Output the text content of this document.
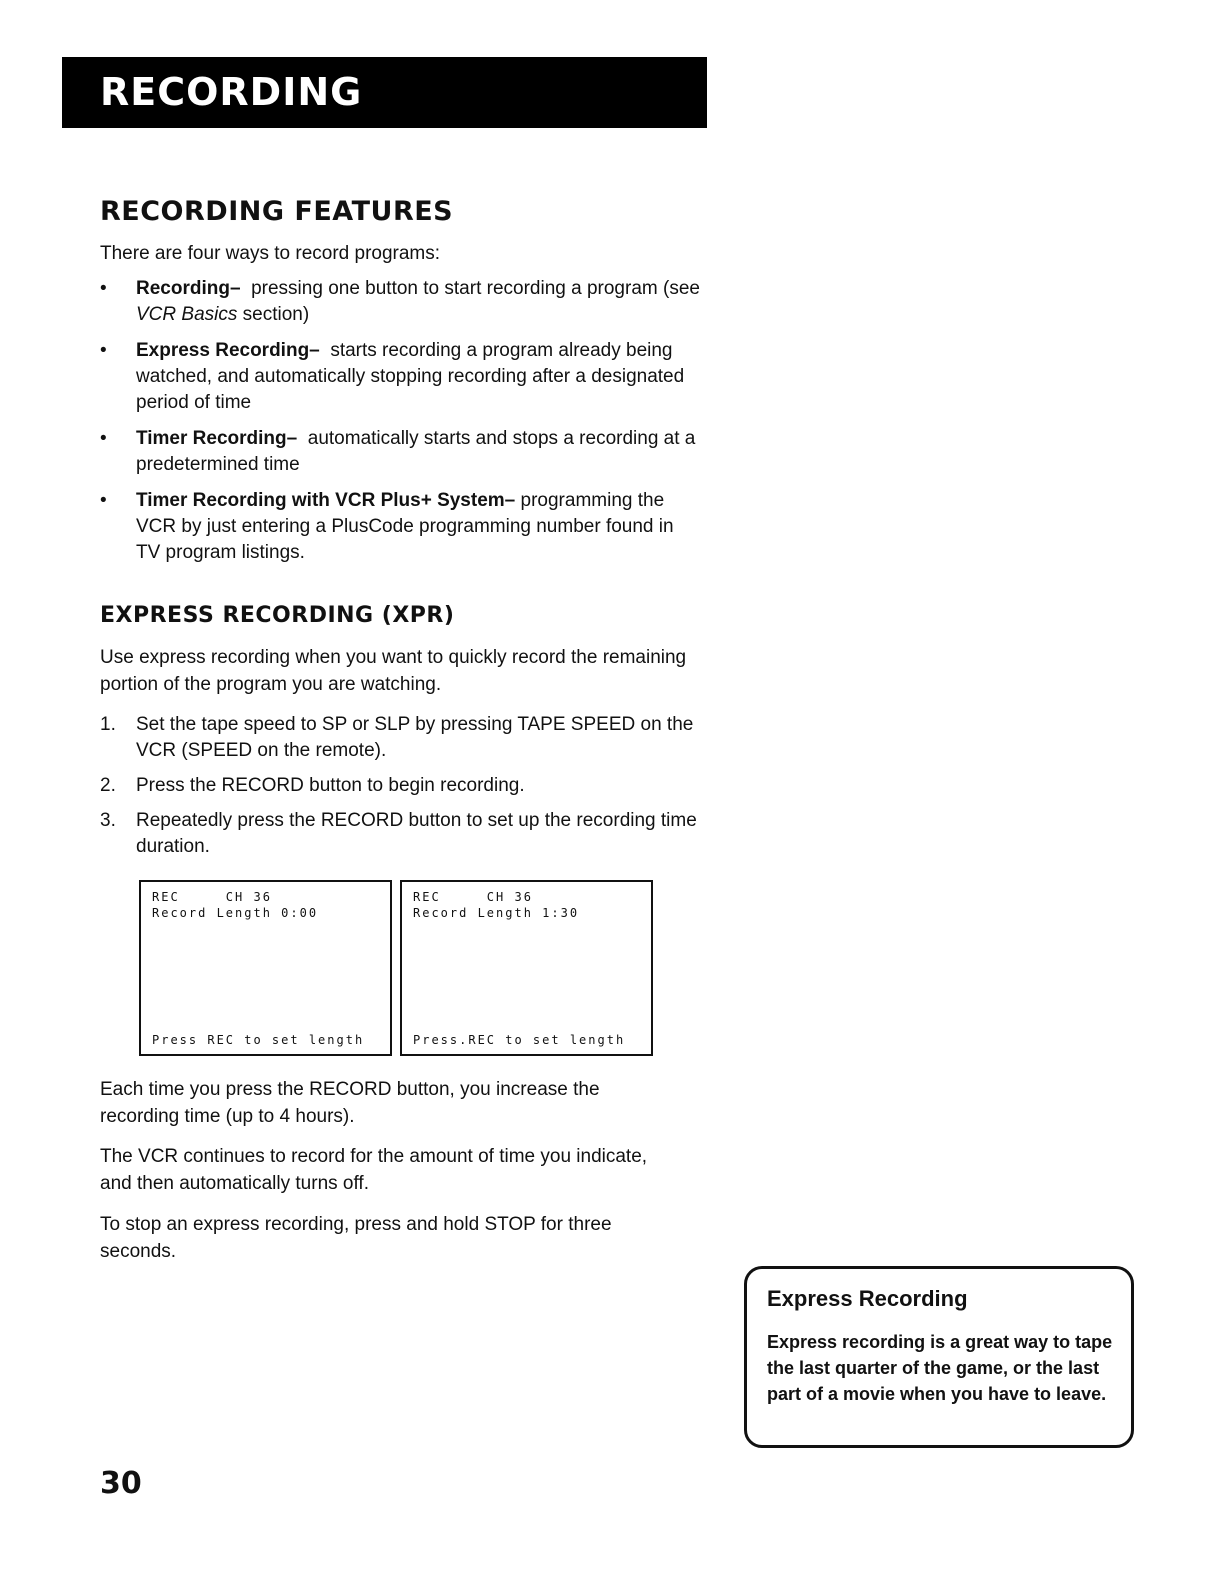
RECORDING
RECORDING FEATURES
There are four ways to record programs:
• Recording– pressing one button to start recording a program (see VCR Basics section)
• Express Recording– starts recording a program already being watched, and automatically stopping recording after a designated period of time
• Timer Recording– automatically starts and stops a recording at a predetermined time
• Timer Recording with VCR Plus+ System– programming the VCR by just entering a PlusCode programming number found in TV program listings.
EXPRESS RECORDING (XPR)
Use express recording when you want to quickly record the remaining portion of the program you are watching.
1. Set the tape speed to SP or SLP by pressing TAPE SPEED on the VCR (SPEED on the remote).
2. Press the RECORD button to begin recording.
3. Repeatedly press the RECORD button to set up the recording time duration.
REC     CH 36
Record Length 0:00
Press REC to set length
REC     CH 36
Record Length 1:30
Press.REC to set length
Each time you press the RECORD button, you increase the recording time (up to 4 hours).
The VCR continues to record for the amount of time you indicate, and then automatically turns off.
To stop an express recording, press and hold STOP for three seconds.
Express Recording
Express recording is a great way to tape the last quarter of the game, or the last part of a movie when you have to leave.
30
